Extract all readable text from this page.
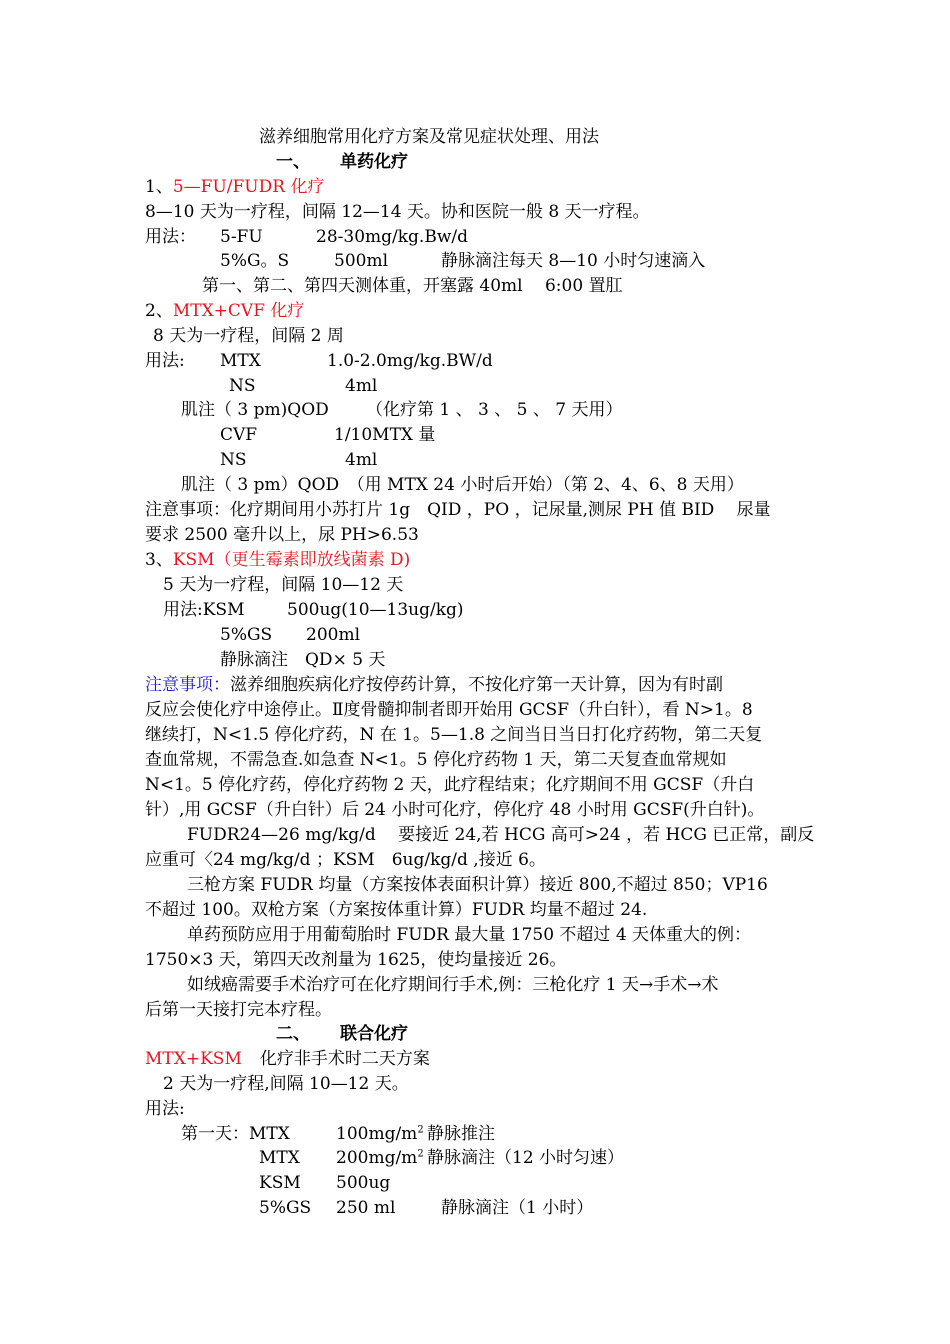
滋养细胞常用化疗方案及常见症状处理、用法
一、 单药化疗
1、5—FU/FUDR 化疗
8—10 天为一疗程，间隔 12—14 天。协和医院一般 8 天一疗程。
用法： 5-FU	28-30mg/kg.Bw/d
5%G。S	500ml	静脉滴注每天 8—10 小时匀速滴入
第一、第二、第四天测体重，开塞露 40ml　 6:00 置肛
2、MTX+CVF 化疗
8 天为一疗程，间隔 2 周
用法: MTX	1.0-2.0mg/kg.BW/d
NS	4ml
肌注（ 3 pm)QOD （化疗第 1 、 3 、 5 、 7 天用）
CVF	1/10MTX 量
NS	4ml
肌注（ 3 pm）QOD　（用 MTX 24 小时后开始）（第 2、4、6、8 天用）
注意事项：化疗期间用小苏打片 1g　QID ，PO ，记尿量,测尿 PH 值 BID　 尿量
要求 2500 毫升以上，尿 PH>6.53
3、KSM（更生霉素即放线菌素 D)
5 天为一疗程，间隔 10—12 天
用法:KSM	500ug(10—13ug/kg)
5%GS 200ml
静脉滴注　QD× 5 天
注意事项：滋养细胞疾病化疗按停药计算，不按化疗第一天计算，因为有时副
反应会使化疗中途停止。Ⅱ度骨髓抑制者即开始用 GCSF（升白针），看 N>1。8
继续打，N<1.5 停化疗药，N 在 1。5—1.8 之间当日当日打化疗药物，第二天复
查血常规，不需急查.如急查 N<1。5 停化疗药物 1 天，第二天复查血常规如
N<1。5 停化疗药，停化疗药物 2 天，此疗程结束；化疗期间不用 GCSF（升白
针）,用 GCSF（升白针）后 24 小时可化疗，停化疗 48 小时用 GCSF(升白针)。
FUDR24—26 mg/kg/d　 要接近 24,若 HCG 高可>24 ，若 HCG 已正常，副反
应重可〈24 mg/kg/d ；KSM　6ug/kg/d ,接近 6。
三枪方案 FUDR 均量（方案按体表面积计算）接近 800,不超过 850；VP16
不超过 100。双枪方案（方案按体重计算）FUDR 均量不超过 24.
单药预防应用于用葡萄胎时 FUDR 最大量 1750 不超过 4 天体重大的例：
1750×3 天，第四天改剂量为 1625，使均量接近 26。
如绒癌需要手术治疗可在化疗期间行手术,例：三枪化疗 1 天→手术→术
后第一天接打完本疗程。
二、 联合化疗
MTX+KSM 化疗非手术时二天方案
2 天为一疗程,间隔 10—12 天。
用法:
第一天：MTX	$100mg/m^2$ 静脉推注
MTX $200mg/m^2$ 静脉滴注（12 小时匀速）
KSM 500ug
5%GS 250 ml	静脉滴注（1 小时）
